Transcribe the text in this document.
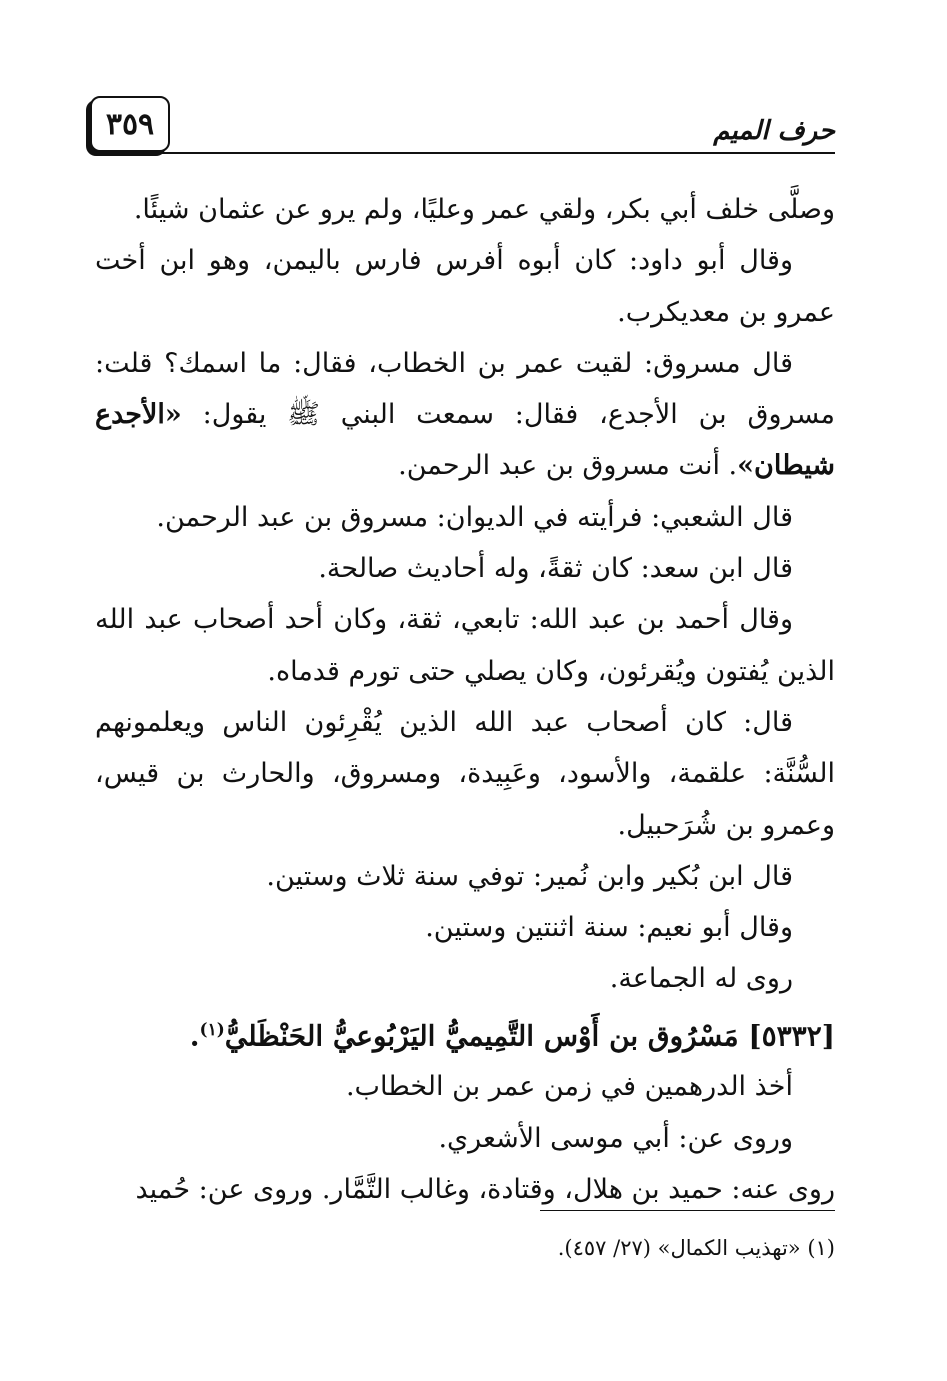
٣٥٩	حرف الميم

وصلَّى خلف أبي بكر، ولقي عمر وعليًا، ولم يرو عن عثمان شيئًا.

وقال أبو داود: كان أبوه أفرس فارس باليمن، وهو ابن أخت عمرو بن معديكرب.

قال مسروق: لقيت عمر بن الخطاب، فقال: ما اسمك؟ قلت: مسروق بن الأجدع، فقال: سمعت البني ﷺ يقول: «الأجدع شيطان». أنت مسروق بن عبد الرحمن.

قال الشعبي: فرأيته في الديوان: مسروق بن عبد الرحمن.

قال ابن سعد: كان ثقةً، وله أحاديث صالحة.

وقال أحمد بن عبد الله: تابعي، ثقة، وكان أحد أصحاب عبد الله الذين يُفتون ويُقرئون، وكان يصلي حتى تورم قدماه.

قال: كان أصحاب عبد الله الذين يُقْرِئون الناس ويعلمونهم السُّنَّة: علقمة، والأسود، وعَبِيدة، ومسروق، والحارث بن قيس، وعمرو بن شُرَحبيل.

قال ابن بُكير وابن نُمير: توفي سنة ثلاث وستين.

وقال أبو نعيم: سنة اثنتين وستين.

روى له الجماعة.

[٥٣٣٢] مَسْرُوق بن أَوْس التَّمِيميُّ اليَرْبُوعيُّ الحَنْظَليُّ$^{(١)}$.

أخذ الدرهمين في زمن عمر بن الخطاب.

وروى عن: أبي موسى الأشعري.

روى عنه: حميد بن هلال، وقتادة، وغالب التَّمَّار. وروى عن: حُميد

(١) «تهذيب الكمال» (٢٧/ ٤٥٧).
